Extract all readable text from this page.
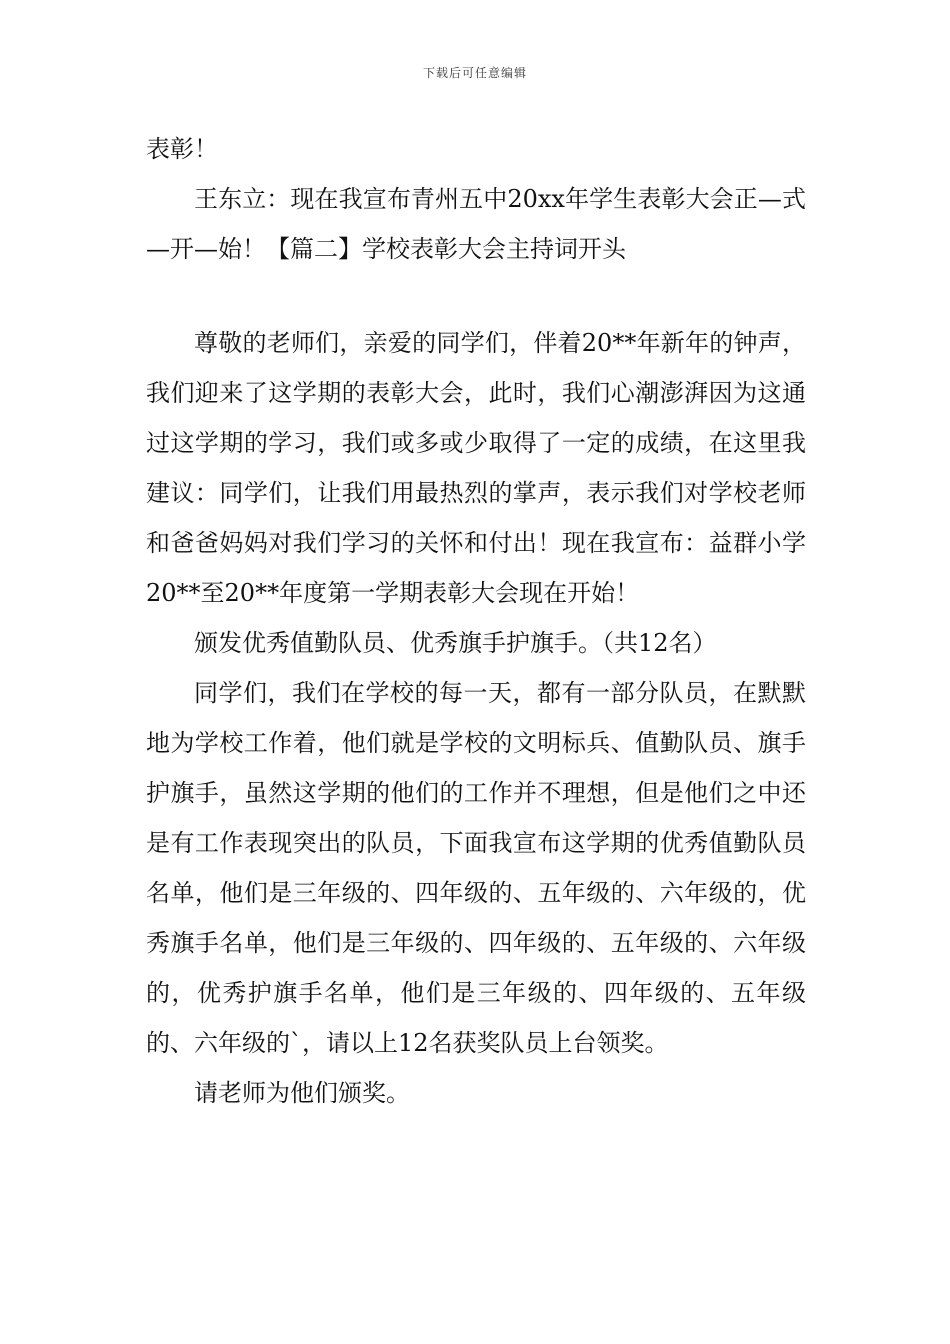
下载后可任意编辑

表彰！

王东立：现在我宣布青州五中20xx年学生表彰大会正—式—开—始！【篇二】学校表彰大会主持词开头

尊敬的老师们，亲爱的同学们，伴着20**年新年的钟声，我们迎来了这学期的表彰大会，此时，我们心潮澎湃因为这通过这学期的学习，我们或多或少取得了一定的成绩，在这里我建议：同学们，让我们用最热烈的掌声，表示我们对学校老师和爸爸妈妈对我们学习的关怀和付出！现在我宣布：益群小学20**至20**年度第一学期表彰大会现在开始！

颁发优秀值勤队员、优秀旗手护旗手。（共12名）

同学们，我们在学校的每一天，都有一部分队员，在默默地为学校工作着，他们就是学校的文明标兵、值勤队员、旗手护旗手，虽然这学期的他们的工作并不理想，但是他们之中还是有工作表现突出的队员，下面我宣布这学期的优秀值勤队员名单，他们是三年级的、四年级的、五年级的、六年级的，优秀旗手名单，他们是三年级的、四年级的、五年级的、六年级的，优秀护旗手名单，他们是三年级的、四年级的、五年级的、六年级的`，请以上12名获奖队员上台领奖。

请老师为他们颁奖。
